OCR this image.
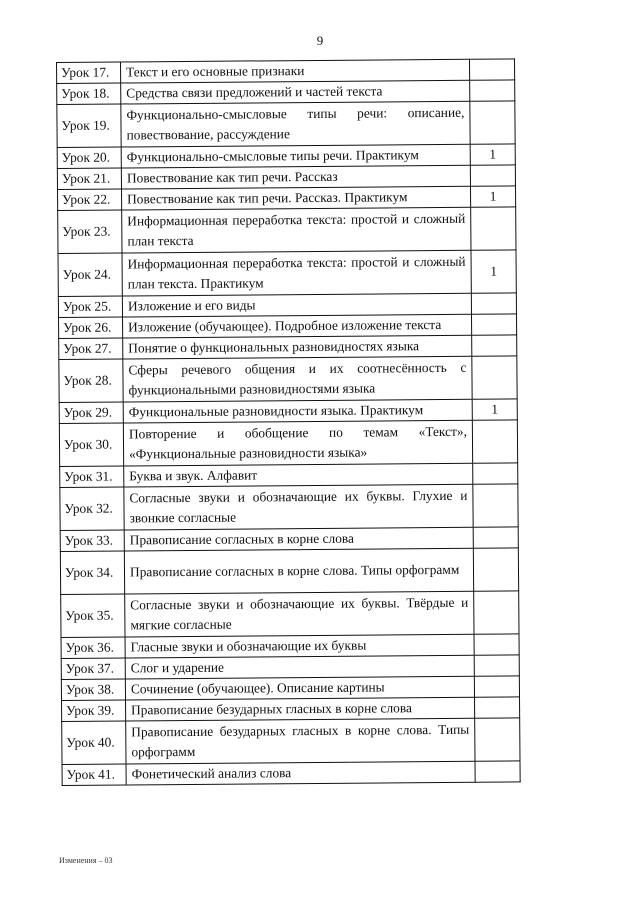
9
Урок 17.	Текст и его основные признаки	
Урок 18.	Средства связи предложений и частей текста	
Урок 19.	Функционально-смысловые типы речи: описание, повествование, рассуждение	
Урок 20.	Функционально-смысловые типы речи. Практикум	1
Урок 21.	Повествование как тип речи. Рассказ	
Урок 22.	Повествование как тип речи. Рассказ. Практикум	1
Урок 23.	Информационная переработка текста: простой и сложный план текста	
Урок 24.	Информационная переработка текста: простой и сложный план текста. Практикум	1
Урок 25.	Изложение и его виды	
Урок 26.	Изложение (обучающее). Подробное изложение текста	
Урок 27.	Понятие о функциональных разновидностях языка	
Урок 28.	Сферы речевого общения и их соотнесённость с функциональными разновидностями языка	
Урок 29.	Функциональные разновидности языка. Практикум	1
Урок 30.	Повторение и обобщение по темам «Текст», «Функциональные разновидности языка»	
Урок 31.	Буква и звук. Алфавит	
Урок 32.	Согласные звуки и обозначающие их буквы. Глухие и звонкие согласные	
Урок 33.	Правописание согласных в корне слова	
Урок 34.	Правописание согласных в корне слова. Типы орфограмм	
Урок 35.	Согласные звуки и обозначающие их буквы. Твёрдые и мягкие согласные	
Урок 36.	Гласные звуки и обозначающие их буквы	
Урок 37.	Слог и ударение	
Урок 38.	Сочинение (обучающее). Описание картины	
Урок 39.	Правописание безударных гласных в корне слова	
Урок 40.	Правописание безударных гласных в корне слова. Типы орфограмм	
Урок 41.	Фонетический анализ слова	
Изменения – 03
